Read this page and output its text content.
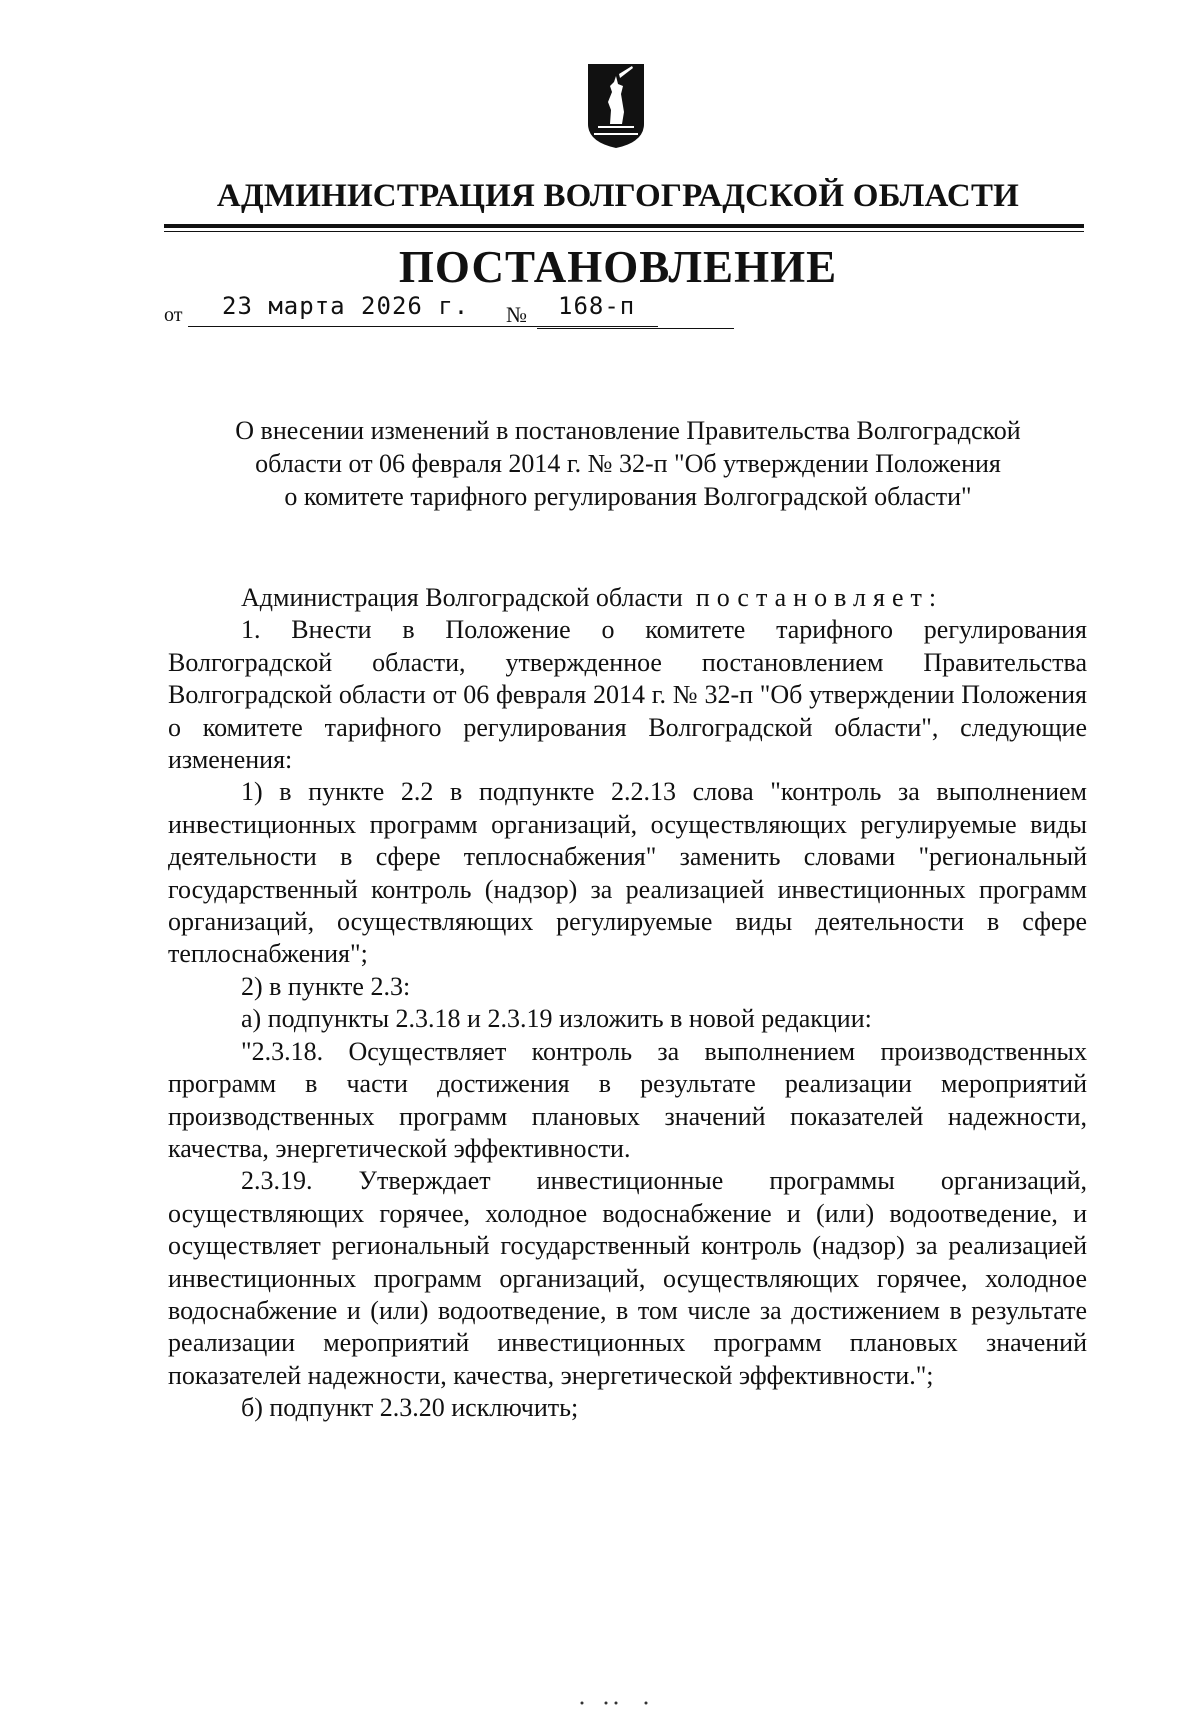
АДМИНИСТРАЦИЯ ВОЛГОГРАДСКОЙ ОБЛАСТИ
ПОСТАНОВЛЕНИЕ
от 23 марта 2026 г. № 168-п
О внесении изменений в постановление Правительства Волгоградской
области от 06 февраля 2014 г. № 32-п "Об утверждении Положения
о комитете тарифного регулирования Волгоградской области"

Администрация Волгоградской области постановляет:

1. Внести в Положение о комитете тарифного регулирования Волгоградской области, утвержденное постановлением Правительства Волгоградской области от 06 февраля 2014 г. № 32-п "Об утверждении Положения о комитете тарифного регулирования Волгоградской области", следующие изменения:

1) в пункте 2.2 в подпункте 2.2.13 слова "контроль за выполнением инвестиционных программ организаций, осуществляющих регулируемые виды деятельности в сфере теплоснабжения" заменить словами "региональный государственный контроль (надзор) за реализацией инвестиционных программ организаций, осуществляющих регулируемые виды деятельности в сфере теплоснабжения";

2) в пункте 2.3:

а) подпункты 2.3.18 и 2.3.19 изложить в новой редакции:

"2.3.18. Осуществляет контроль за выполнением производственных программ в части достижения в результате реализации мероприятий производственных программ плановых значений показателей надежности, качества, энергетической эффективности.

2.3.19. Утверждает инвестиционные программы организаций, осуществляющих горячее, холодное водоснабжение и (или) водоотведение, и осуществляет региональный государственный контроль (надзор) за реализацией инвестиционных программ организаций, осуществляющих горячее, холодное водоснабжение и (или) водоотведение, в том числе за достижением в результате реализации мероприятий инвестиционных программ плановых значений показателей надежности, качества, энергетической эффективности.";

б) подпункт 2.3.20 исключить;
